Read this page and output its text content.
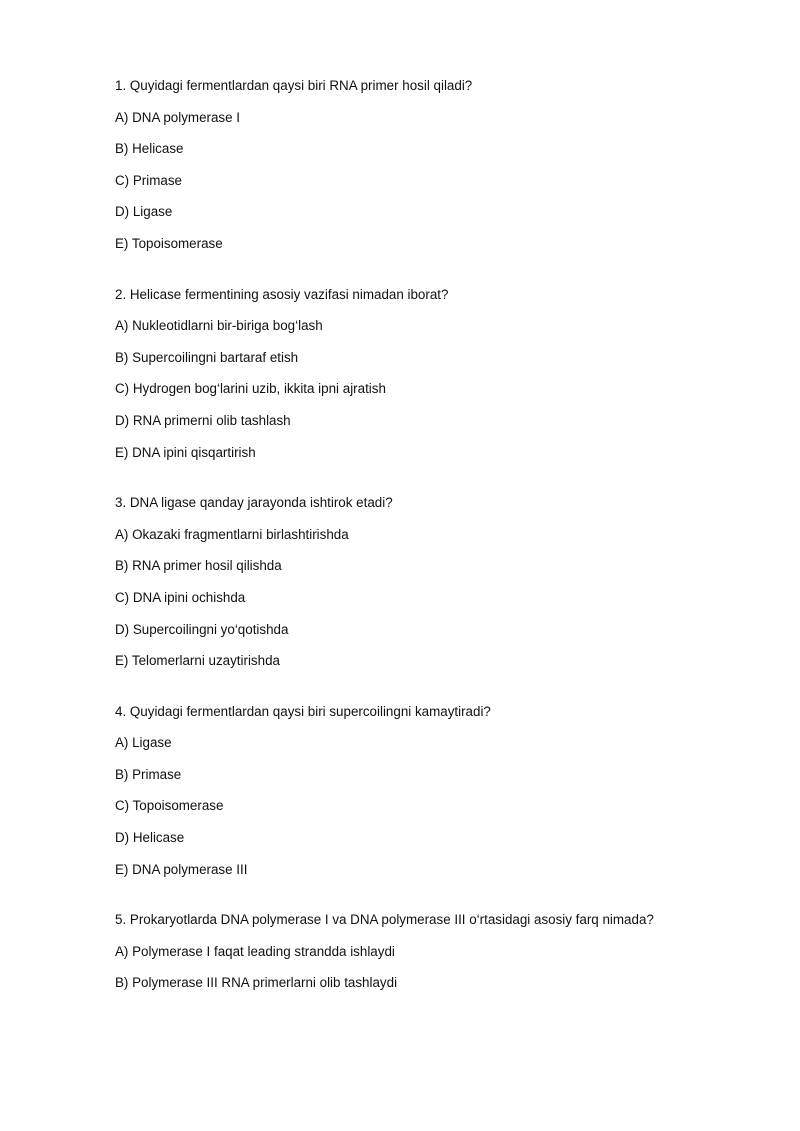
1. Quyidagi fermentlardan qaysi biri RNA primer hosil qiladi?

A) DNA polymerase I

B) Helicase

C) Primase

D) Ligase

E) Topoisomerase

2. Helicase fermentining asosiy vazifasi nimadan iborat?

A) Nukleotidlarni bir-biriga bog‘lash

B) Supercoilingni bartaraf etish

C) Hydrogen bog‘larini uzib, ikkita ipni ajratish

D) RNA primerni olib tashlash

E) DNA ipini qisqartirish

3. DNA ligase qanday jarayonda ishtirok etadi?

A) Okazaki fragmentlarni birlashtirishda

B) RNA primer hosil qilishda

C) DNA ipini ochishda

D) Supercoilingni yo‘qotishda

E) Telomerlarni uzaytirishda

4. Quyidagi fermentlardan qaysi biri supercoilingni kamaytiradi?

A) Ligase

B) Primase

C) Topoisomerase

D) Helicase

E) DNA polymerase III

5. Prokaryotlarda DNA polymerase I va DNA polymerase III o‘rtasidagi asosiy farq nimada?

A) Polymerase I faqat leading strandda ishlaydi

B) Polymerase III RNA primerlarni olib tashlaydi
